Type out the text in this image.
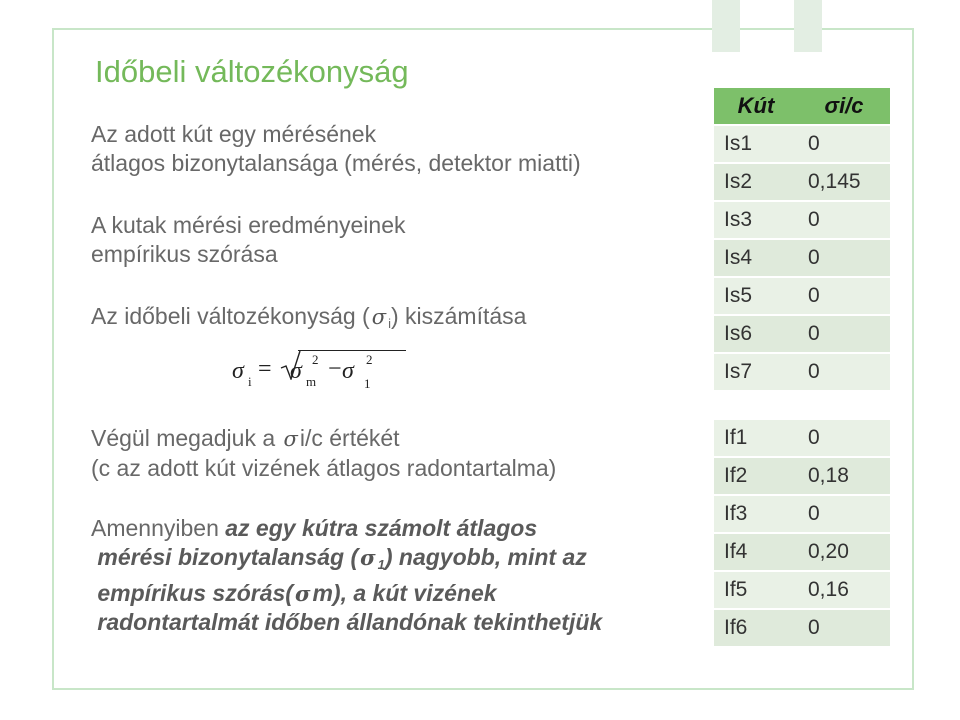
Időbeli változékonyság
Az adott kút egy mérésének
átlagos bizonytalansága (mérés, detektor miatti)
A kutak mérési eredményeinek
empírikus szórása
Az időbeli változékonyság (σ $_i$) kiszámítása
σ i = σ 2
m − σ 2
1
Végül megadjuk a σi/c értékét
(c az adott kút vizének átlagos radontartalma)
Amennyiben az egy kútra számolt átlagos
mérési bizonytalanság (σ $_1$) nagyobb, mint az
empírikus szórás(σm), a kút vizének
radontartalmát időben állandónak tekinthetjük
Kút	σi/c
Is1	0
Is2	0,145
Is3	0
Is4	0
Is5	0
Is6	0
Is7	0
If1	0
If2	0,18
If3	0
If4	0,20
If5	0,16
If6	0
